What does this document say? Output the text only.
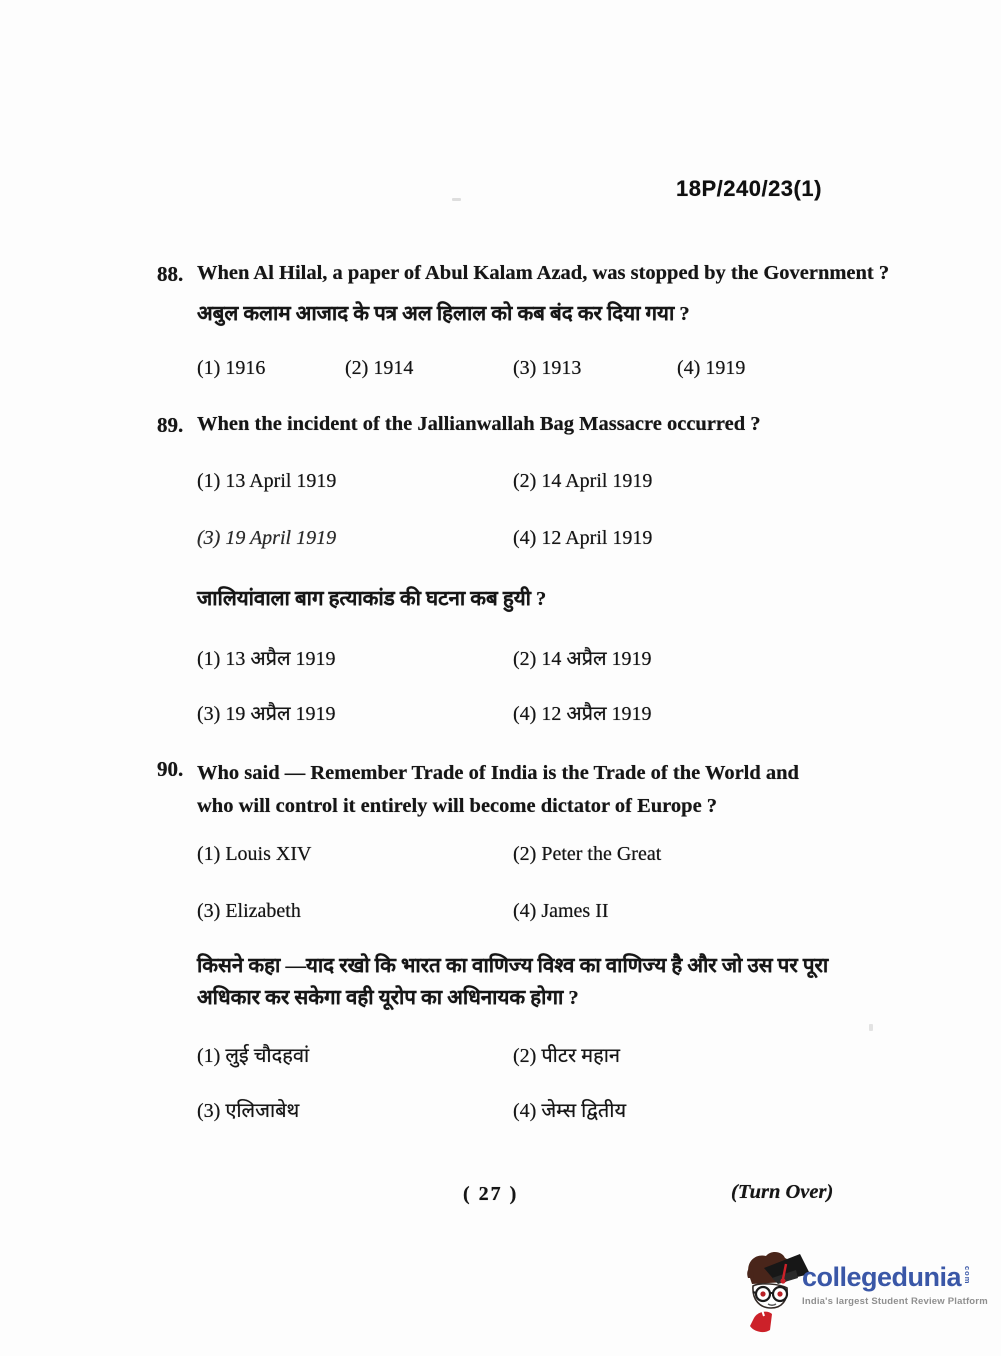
18P/240/23(1)
88. When Al Hilal, a paper of Abul Kalam Azad, was stopped by the Government ?
अबुल कलाम आजाद के पत्र अल हिलाल को कब बंद कर दिया गया ?
(1) 1916	(2) 1914	(3) 1913	(4) 1919
89. When the incident of the Jallianwallah Bag Massacre occurred ?
(1) 13 April 1919	(2) 14 April 1919
(3) 19 April 1919	(4) 12 April 1919
जालियांवाला बाग हत्याकांड की घटना कब हुयी ?
(1) 13 अप्रैल 1919	(2) 14 अप्रैल 1919
(3) 19 अप्रैल 1919	(4) 12 अप्रैल 1919
90. Who said — Remember Trade of India is the Trade of the World and who will control it entirely will become dictator of Europe ?
(1) Louis XIV	(2) Peter the Great
(3) Elizabeth	(4) James II
किसने कहा —याद रखो कि भारत का वाणिज्य विश्व का वाणिज्य है और जो उस पर पूरा अधिकार कर सकेगा वही यूरोप का अधिनायक होगा ?
(1) लुई चौदहवां	(2) पीटर महान
(3) एलिजाबेथ	(4) जेम्स द्वितीय
( 27 )	(Turn Over)
collegedunia com
India's largest Student Review Platform
